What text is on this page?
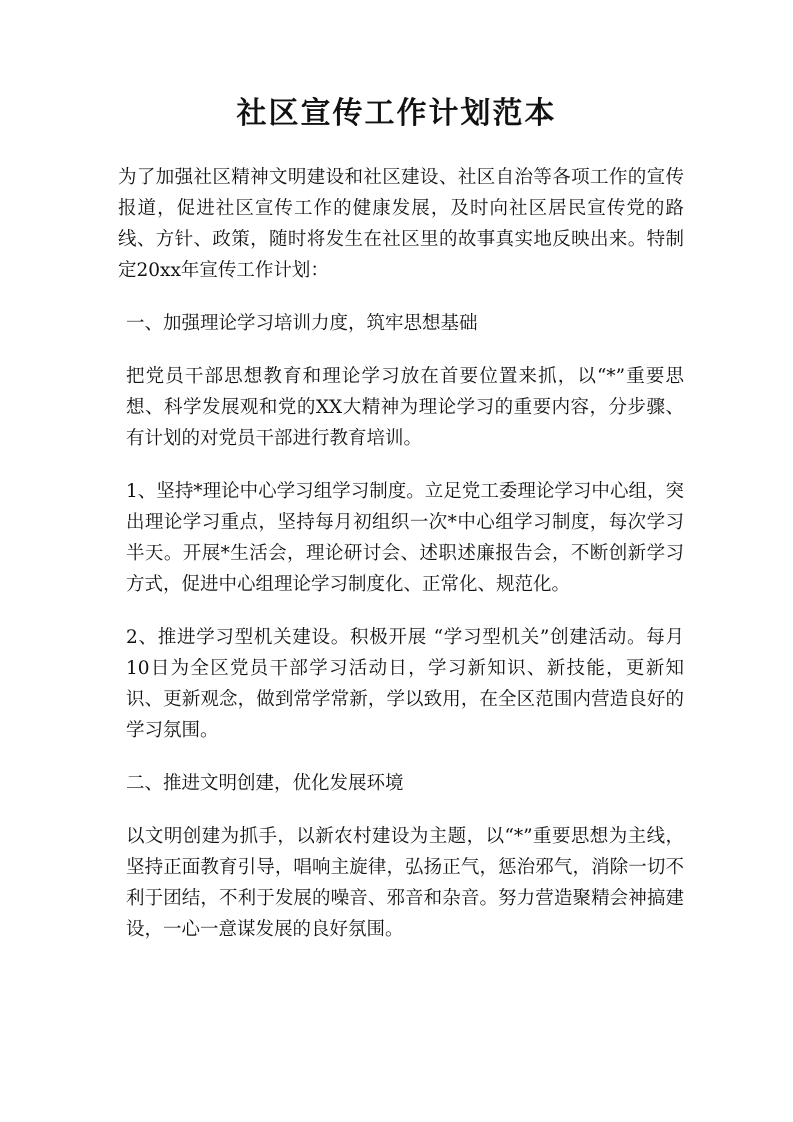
社区宣传工作计划范本

为了加强社区精神文明建设和社区建设、社区自治等各项工作的宣传报道，促进社区宣传工作的健康发展，及时向社区居民宣传党的路线、方针、政策，随时将发生在社区里的故事真实地反映出来。特制定20xx年宣传工作计划：

一、加强理论学习培训力度，筑牢思想基础

把党员干部思想教育和理论学习放在首要位置来抓，以“*”重要思想、科学发展观和党的XX大精神为理论学习的重要内容，分步骤、有计划的对党员干部进行教育培训。

1、坚持*理论中心学习组学习制度。立足党工委理论学习中心组，突出理论学习重点，坚持每月初组织一次*中心组学习制度，每次学习半天。开展*生活会，理论研讨会、述职述廉报告会，不断创新学习方式，促进中心组理论学习制度化、正常化、规范化。

2、推进学习型机关建设。积极开展 “学习型机关”创建活动。每月10日为全区党员干部学习活动日，学习新知识、新技能，更新知识、更新观念，做到常学常新，学以致用，在全区范围内营造良好的学习氛围。

二、推进文明创建，优化发展环境

以文明创建为抓手，以新农村建设为主题，以“*”重要思想为主线，坚持正面教育引导，唱响主旋律，弘扬正气，惩治邪气，消除一切不利于团结，不利于发展的噪音、邪音和杂音。努力营造聚精会神搞建设，一心一意谋发展的良好氛围。
